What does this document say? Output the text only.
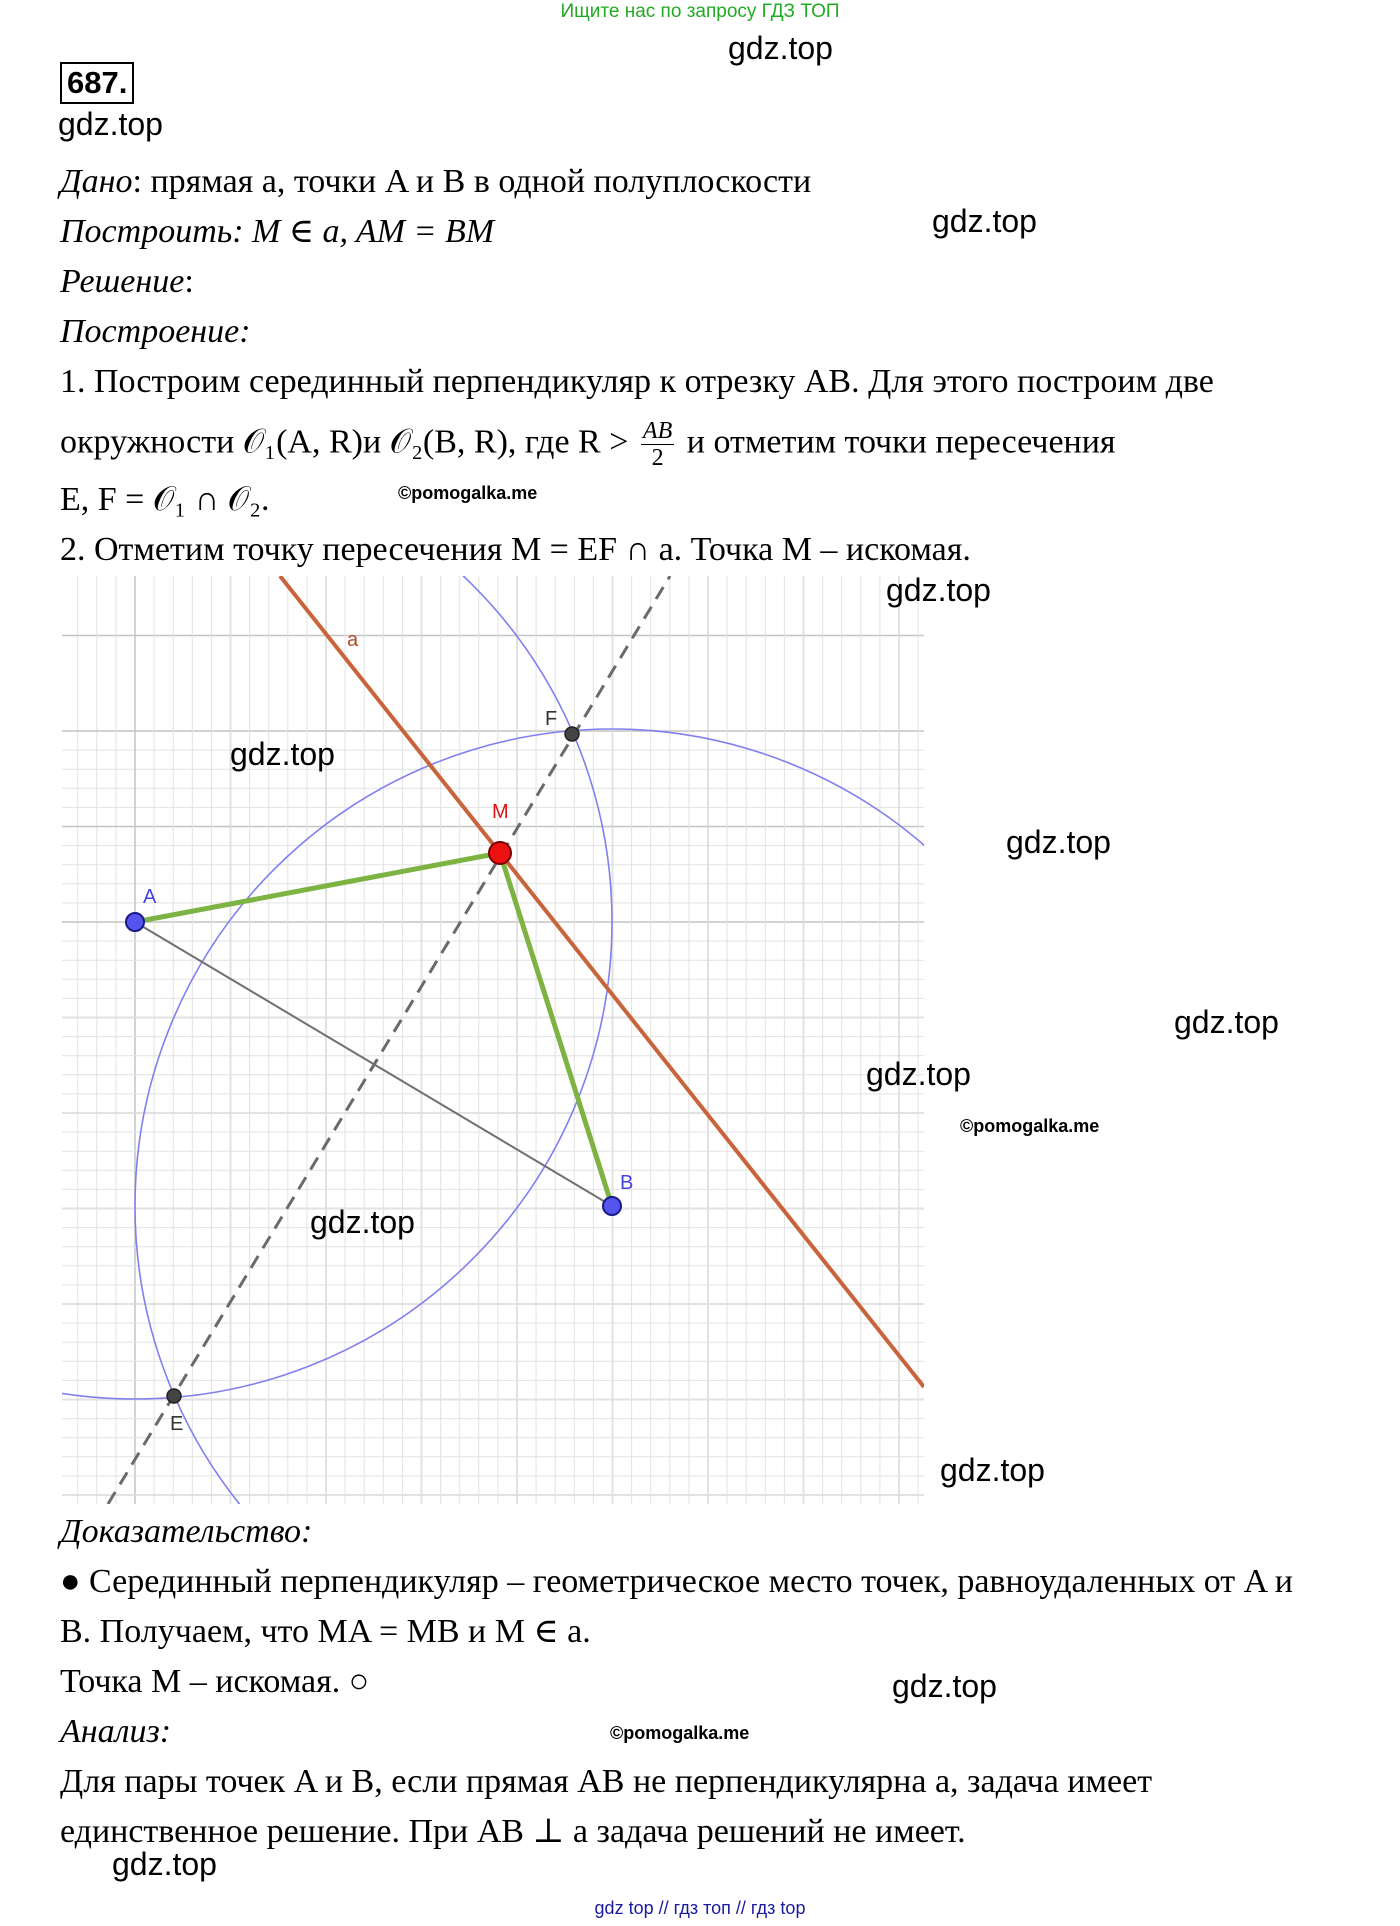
Ищите нас по запросу ГДЗ ТОП
gdz.top
687.
gdz.top
Дано: прямая a, точки A и B в одной полуплоскости
gdz.top
Построить: M ∈ a, AM = BM
Решение:
Построение:
1. Построим серединный перпендикуляр к отрезку AB. Для этого построим две
окружности 𝒪₁(A, R)и 𝒪₂(B, R), где $R > \frac{AB}{2}$ и отметим точки пересечения
E, F = 𝒪₁ ∩ 𝒪₂.	©pomogalka.me
2. Отметим точку пересечения M = EF ∩ a. Точка M – искомая.
a
F
M
A
B
E
gdz.top
gdz.top
gdz.top
gdz.top
gdz.top
©pomogalka.me
gdz.top
gdz.top
Доказательство:
● Серединный перпендикуляр – геометрическое место точек, равноудаленных от A и
B. Получаем, что MA = MB и M ∈ a.
Точка M – искомая. ○	gdz.top
Анализ:	©pomogalka.me
Для пары точек A и B, если прямая AB не перпендикулярна a, задача имеет
единственное решение. При AB ⊥ a задача решений не имеет.
gdz.top
gdz top // гдз топ // гдз top
